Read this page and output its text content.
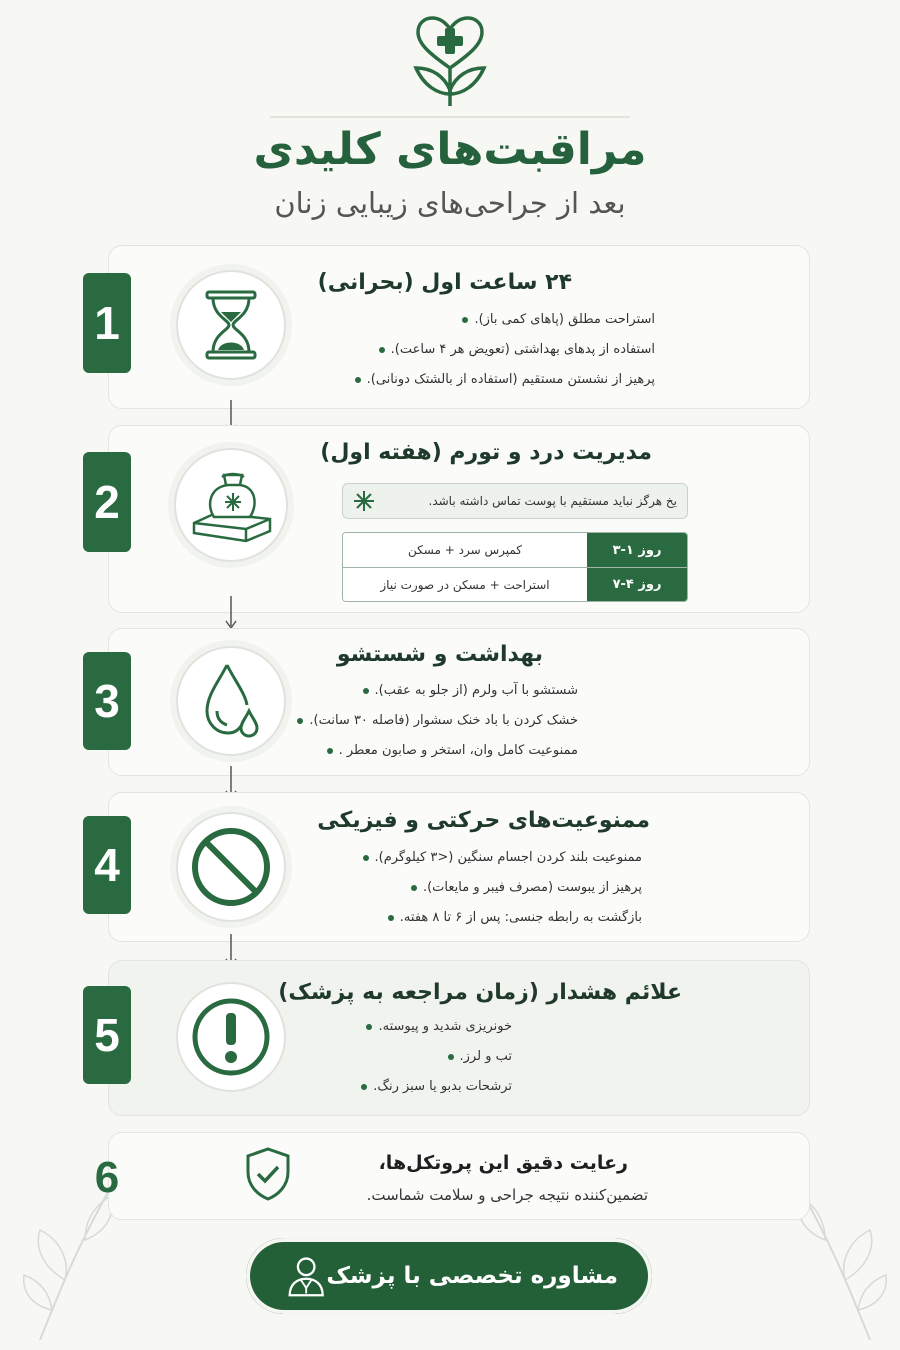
مراقبت‌های کلیدی
بعد از جراحی‌های زیبایی زنان
1
۲۴ ساعت اول (بحرانی)
استراحت مطلق (پاهای کمی باز).
استفاده از پدهای بهداشتی (تعویض هر ۴ ساعت).
پرهیز از نشستن مستقیم (استفاده از بالشتک دونانی).
2
مدیریت درد و تورم (هفته اول)
یخ هرگز نباید مستقیم با پوست تماس داشته باشد.
روز ۱-۳
کمپرس سرد + مسکن
روز ۴-۷
استراحت + مسکن در صورت نیاز
3
بهداشت و شستشو
شستشو با آب ولرم (از جلو به عقب).
خشک کردن با باد خنک سشوار (فاصله ۳۰ سانت).
ممنوعیت کامل وان، استخر و صابون معطر .
4
ممنوعیت‌های حرکتی و فیزیکی
ممنوعیت بلند کردن اجسام سنگین (<۳ کیلوگرم).
پرهیز از یبوست (مصرف فیبر و مایعات).
بازگشت به رابطه جنسی: پس از ۶ تا ۸ هفته.
5
علائم هشدار (زمان مراجعه به پزشک)
خونریزی شدید و پیوسته.
تب و لرز.
ترشحات بدبو یا سبز رنگ.
6	رعایت دقیق این پروتکل‌ها،
تضمین‌کننده نتیجه جراحی و سلامت شماست.
مشاوره تخصصی با پزشک
